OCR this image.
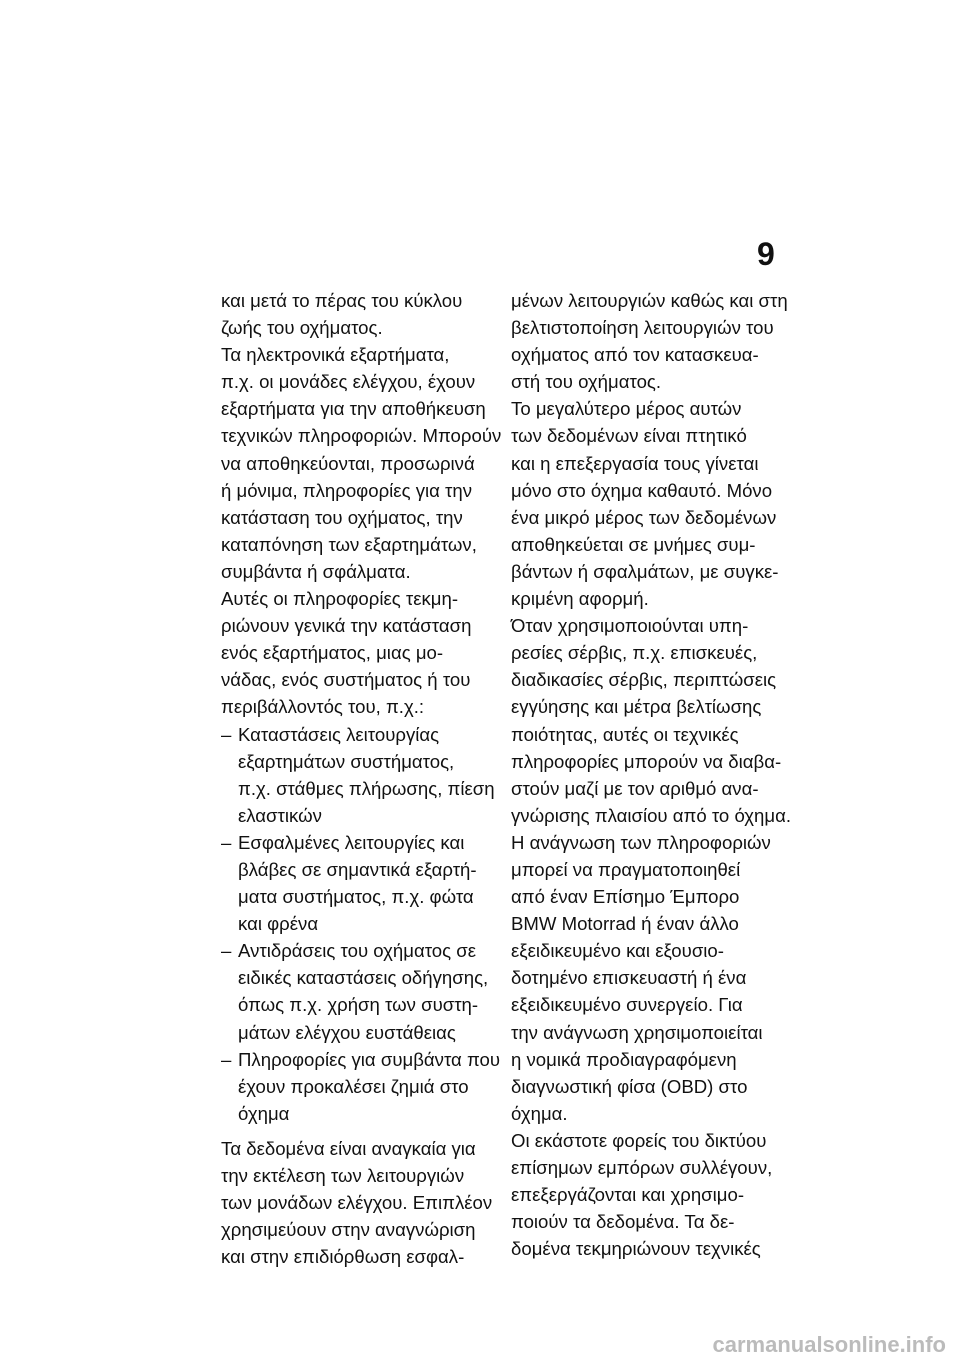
9
και μετά το πέρας του κύκλου
ζωής του οχήματος.
Τα ηλεκτρονικά εξαρτήματα,
π.χ. οι μονάδες ελέγχου, έχουν
εξαρτήματα για την αποθήκευση
τεχνικών πληροφοριών. Μπορούν
να αποθηκεύονται, προσωρινά
ή μόνιμα, πληροφορίες για την
κατάσταση του οχήματος, την
καταπόνηση των εξαρτημάτων,
συμβάντα ή σφάλματα.
Αυτές οι πληροφορίες τεκμη-
ριώνουν γενικά την κατάσταση
ενός εξαρτήματος, μιας μο-
νάδας, ενός συστήματος ή του
περιβάλλοντός του, π.χ.:
– Καταστάσεις λειτουργίας
εξαρτημάτων συστήματος,
π.χ. στάθμες πλήρωσης, πίεση
ελαστικών
– Εσφαλμένες λειτουργίες και
βλάβες σε σημαντικά εξαρτή-
ματα συστήματος, π.χ. φώτα
και φρένα
– Αντιδράσεις του οχήματος σε
ειδικές καταστάσεις οδήγησης,
όπως π.χ. χρήση των συστη-
μάτων ελέγχου ευστάθειας
– Πληροφορίες για συμβάντα που
έχουν προκαλέσει ζημιά στο
όχημα
Τα δεδομένα είναι αναγκαία για
την εκτέλεση των λειτουργιών
των μονάδων ελέγχου. Επιπλέον
χρησιμεύουν στην αναγνώριση
και στην επιδιόρθωση εσφαλ-
μένων λειτουργιών καθώς και στη
βελτιστοποίηση λειτουργιών του
οχήματος από τον κατασκευα-
στή του οχήματος.
Το μεγαλύτερο μέρος αυτών
των δεδομένων είναι πτητικό
και η επεξεργασία τους γίνεται
μόνο στο όχημα καθαυτό. Μόνο
ένα μικρό μέρος των δεδομένων
αποθηκεύεται σε μνήμες συμ-
βάντων ή σφαλμάτων, με συγκε-
κριμένη αφορμή.
Όταν χρησιμοποιούνται υπη-
ρεσίες σέρβις, π.χ. επισκευές,
διαδικασίες σέρβις, περιπτώσεις
εγγύησης και μέτρα βελτίωσης
ποιότητας, αυτές οι τεχνικές
πληροφορίες μπορούν να διαβα-
στούν μαζί με τον αριθμό ανα-
γνώρισης πλαισίου από το όχημα.
Η ανάγνωση των πληροφοριών
μπορεί να πραγματοποιηθεί
από έναν Επίσημο Έμπορο
BMW Motorrad ή έναν άλλο
εξειδικευμένο και εξουσιο-
δοτημένο επισκευαστή ή ένα
εξειδικευμένο συνεργείο. Για
την ανάγνωση χρησιμοποιείται
η νομικά προδιαγραφόμενη
διαγνωστική φίσα (OBD) στο
όχημα.
Οι εκάστοτε φορείς του δικτύου
επίσημων εμπόρων συλλέγουν,
επεξεργάζονται και χρησιμο-
ποιούν τα δεδομένα. Τα δε-
δομένα τεκμηριώνουν τεχνικές
carmanualsonline.info
